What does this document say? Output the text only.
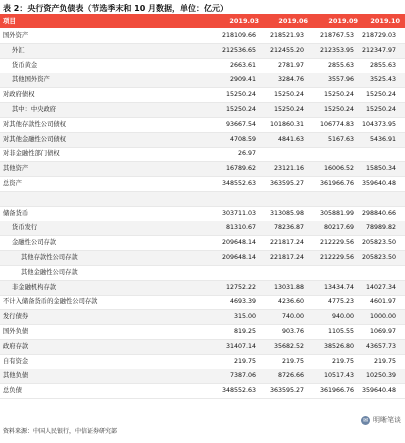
表 2：央行资产负债表（节选季末和 10 月数据，单位：亿元）
项目	2019.03	2019.06	2019.09 2019.10
国外资产	218109.66 218521.93	218767.53 218729.03
外汇	212536.65 212455.20	212353.95 212347.97
货币黄金	2663.61	2781.97	2855.63	2855.63
其他国外资产	2909.41	3284.76	3557.96	3525.43
对政府债权	15250.24	15250.24	15250.24 15250.24
其中：中央政府	15250.24	15250.24	15250.24 15250.24
对其他存款性公司债权	93667.54 101860.31	106774.83 104373.95
对其他金融性公司债权	4708.59	4841.63	5167.63	5436.91
对非金融性部门债权	26.97
其他资产	16789.62	23121.16	16006.52 15850.34
总资产	348552.63 363595.27	361966.76 359640.48
储备货币	303711.03 313085.98	305881.99 298840.66
货币发行	81310.67	78236.87	80217.69 78989.82
金融性公司存款	209648.14 221817.24	212229.56 205823.50
其他存款性公司存款	209648.14 221817.24	212229.56 205823.50
其他金融性公司存款
非金融机构存款	12752.22	13031.88	13434.74 14027.34
不计入储备货币的金融性公司存款	4693.39	4236.60	4775.23	4601.97
发行债券	315.00	740.00	940.00	1000.00
国外负债	819.25	903.76	1105.55	1069.97
政府存款	31407.14	35682.52	38526.80 43657.73
自有资金	219.75	219.75	219.75	219.75
其他负债	7387.06	8726.66	10517.43 10250.39
总负债	348552.63 363595.27	361966.76 359640.48
资料来源：中国人民银行，中信证券研究部
✉ 明晰笔谈
